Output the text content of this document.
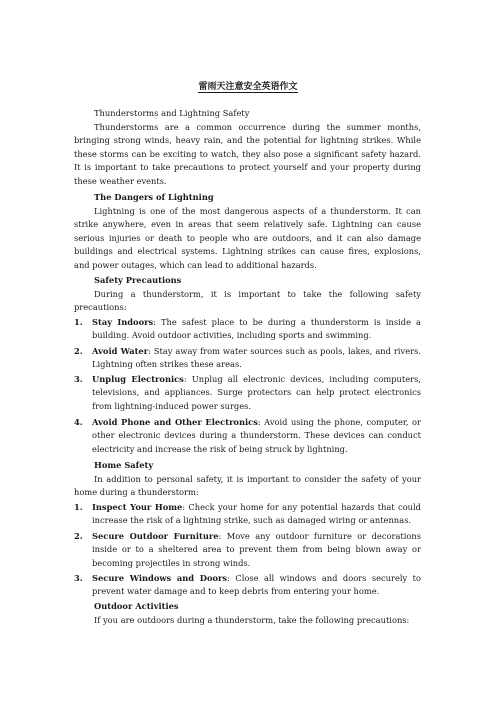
雷雨天注意安全英语作文
Thunderstorms and Lightning Safety
Thunderstorms are a common occurrence during the summer months, bringing strong winds, heavy rain, and the potential for lightning strikes. While these storms can be exciting to watch, they also pose a significant safety hazard. It is important to take precautions to protect yourself and your property during these weather events.
The Dangers of Lightning
Lightning is one of the most dangerous aspects of a thunderstorm. It can strike anywhere, even in areas that seem relatively safe. Lightning can cause serious injuries or death to people who are outdoors, and it can also damage buildings and electrical systems. Lightning strikes can cause fires, explosions, and power outages, which can lead to additional hazards.
Safety Precautions
During a thunderstorm, it is important to take the following safety precautions:
1.	Stay Indoors: The safest place to be during a thunderstorm is inside a building. Avoid outdoor activities, including sports and swimming.
2.	Avoid Water: Stay away from water sources such as pools, lakes, and rivers. Lightning often strikes these areas.
3.	Unplug Electronics: Unplug all electronic devices, including computers, televisions, and appliances. Surge protectors can help protect electronics from lightning-induced power surges.
4.	Avoid Phone and Other Electronics: Avoid using the phone, computer, or other electronic devices during a thunderstorm. These devices can conduct electricity and increase the risk of being struck by lightning.
Home Safety
In addition to personal safety, it is important to consider the safety of your home during a thunderstorm:
1.	Inspect Your Home: Check your home for any potential hazards that could increase the risk of a lightning strike, such as damaged wiring or antennas.
2.	Secure Outdoor Furniture: Move any outdoor furniture or decorations inside or to a sheltered area to prevent them from being blown away or becoming projectiles in strong winds.
3.	Secure Windows and Doors: Close all windows and doors securely to prevent water damage and to keep debris from entering your home.
Outdoor Activities
If you are outdoors during a thunderstorm, take the following precautions:
